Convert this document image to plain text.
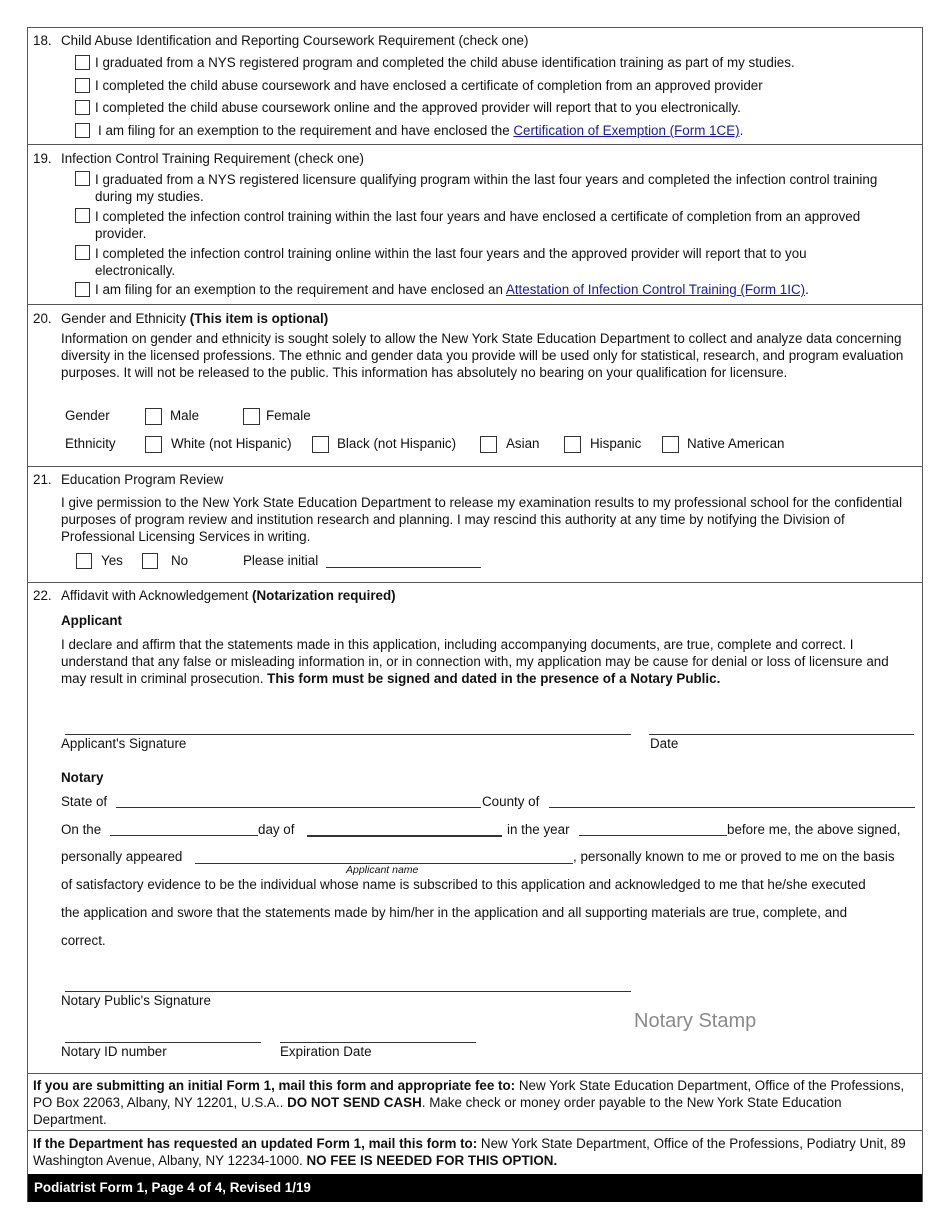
18. Child Abuse Identification and Reporting Coursework Requirement (check one)
I graduated from a NYS registered program and completed the child abuse identification training as part of my studies.
I completed the child abuse coursework and have enclosed a certificate of completion from an approved provider
I completed the child abuse coursework online and the approved provider will report that to you electronically.
I am filing for an exemption to the requirement and have enclosed the Certification of Exemption (Form 1CE).
19. Infection Control Training Requirement (check one)
I graduated from a NYS registered licensure qualifying program within the last four years and completed the infection control training during my studies.
I completed the infection control training within the last four years and have enclosed a certificate of completion from an approved provider.
I completed the infection control training online within the last four years and the approved provider will report that to you electronically.
I am filing for an exemption to the requirement and have enclosed an Attestation of Infection Control Training (Form 1IC).
20. Gender and Ethnicity (This item is optional)
Information on gender and ethnicity is sought solely to allow the New York State Education Department to collect and analyze data concerning diversity in the licensed professions. The ethnic and gender data you provide will be used only for statistical, research, and program evaluation purposes. It will not be released to the public. This information has absolutely no bearing on your qualification for licensure.
Gender	Male	Female
Ethnicity	White (not Hispanic)	Black (not Hispanic)	Asian	Hispanic	Native American
21. Education Program Review
I give permission to the New York State Education Department to release my examination results to my professional school for the confidential purposes of program review and institution research and planning. I may rescind this authority at any time by notifying the Division of Professional Licensing Services in writing.
Yes	No	Please initial
22. Affidavit with Acknowledgement (Notarization required)
Applicant
I declare and affirm that the statements made in this application, including accompanying documents, are true, complete and correct. I understand that any false or misleading information in, or in connection with, my application may be cause for denial or loss of licensure and may result in criminal prosecution. This form must be signed and dated in the presence of a Notary Public.
Applicant's Signature	Date
Notary
State of	County of
On the	day of	in the year	before me, the above signed,
personally appeared
Applicant name
, personally known to me or proved to me on the basis
of satisfactory evidence to be the individual whose name is subscribed to this application and acknowledged to me that he/she executed
the application and swore that the statements made by him/her in the application and all supporting materials are true, complete, and
correct.
Notary Public's Signature
Notary Stamp
Notary ID number	Expiration Date
If you are submitting an initial Form 1, mail this form and appropriate fee to: New York State Education Department, Office of the Professions, PO Box 22063, Albany, NY 12201, U.S.A.. DO NOT SEND CASH. Make check or money order payable to the New York State Education Department.
If the Department has requested an updated Form 1, mail this form to: New York State Department, Office of the Professions, Podiatry Unit, 89 Washington Avenue, Albany, NY 12234-1000. NO FEE IS NEEDED FOR THIS OPTION.
Podiatrist Form 1, Page 4 of 4, Revised 1/19
